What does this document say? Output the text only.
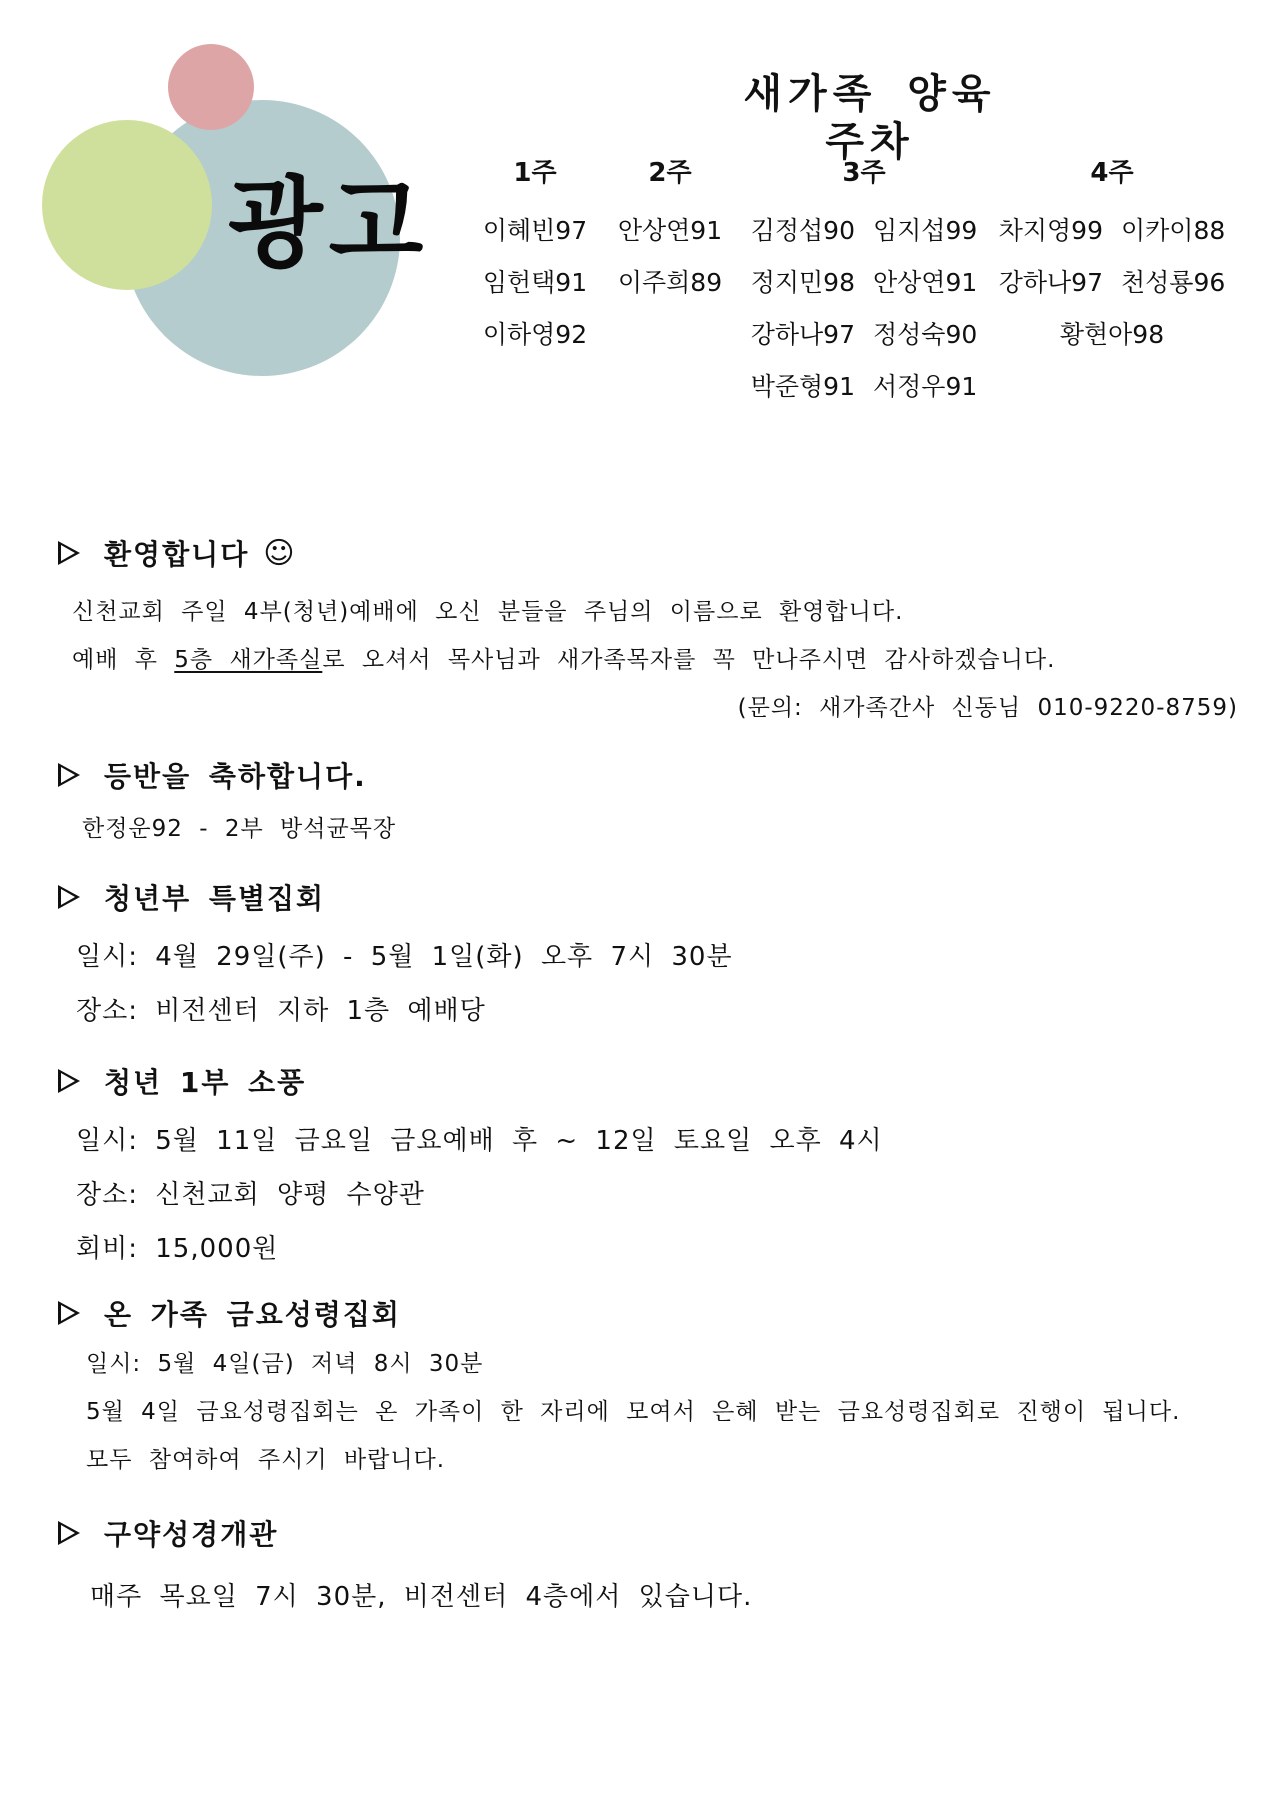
광고
새가족 양육 주차
1주
이혜빈97
임헌택91
이하영92
2주
안상연91
이주희89
3주
김정섭90 임지섭99
정지민98 안상연91
강하나97 정성숙90
박준형91 서정우91
4주
차지영99 이카이88
강하나97 천성룡96
황현아98
환영합니다 ☺
신천교회 주일 4부(청년)예배에 오신 분들을 주님의 이름으로 환영합니다.
예배 후 5층 새가족실로 오셔서 목사님과 새가족목자를 꼭 만나주시면 감사하겠습니다.
(문의: 새가족간사 신동님 010-9220-8759)
등반을 축하합니다.
한정운92 - 2부 방석균목장
청년부 특별집회
일시: 4월 29일(주) - 5월 1일(화) 오후 7시 30분
장소: 비전센터 지하 1층 예배당
청년 1부 소풍
일시: 5월 11일 금요일 금요예배 후 ~ 12일 토요일 오후 4시
장소: 신천교회 양평 수양관
회비: 15,000원
온 가족 금요성령집회
일시: 5월 4일(금) 저녁 8시 30분
5월 4일 금요성령집회는 온 가족이 한 자리에 모여서 은혜 받는 금요성령집회로 진행이 됩니다.
모두 참여하여 주시기 바랍니다.
구약성경개관
매주 목요일 7시 30분, 비전센터 4층에서 있습니다.
